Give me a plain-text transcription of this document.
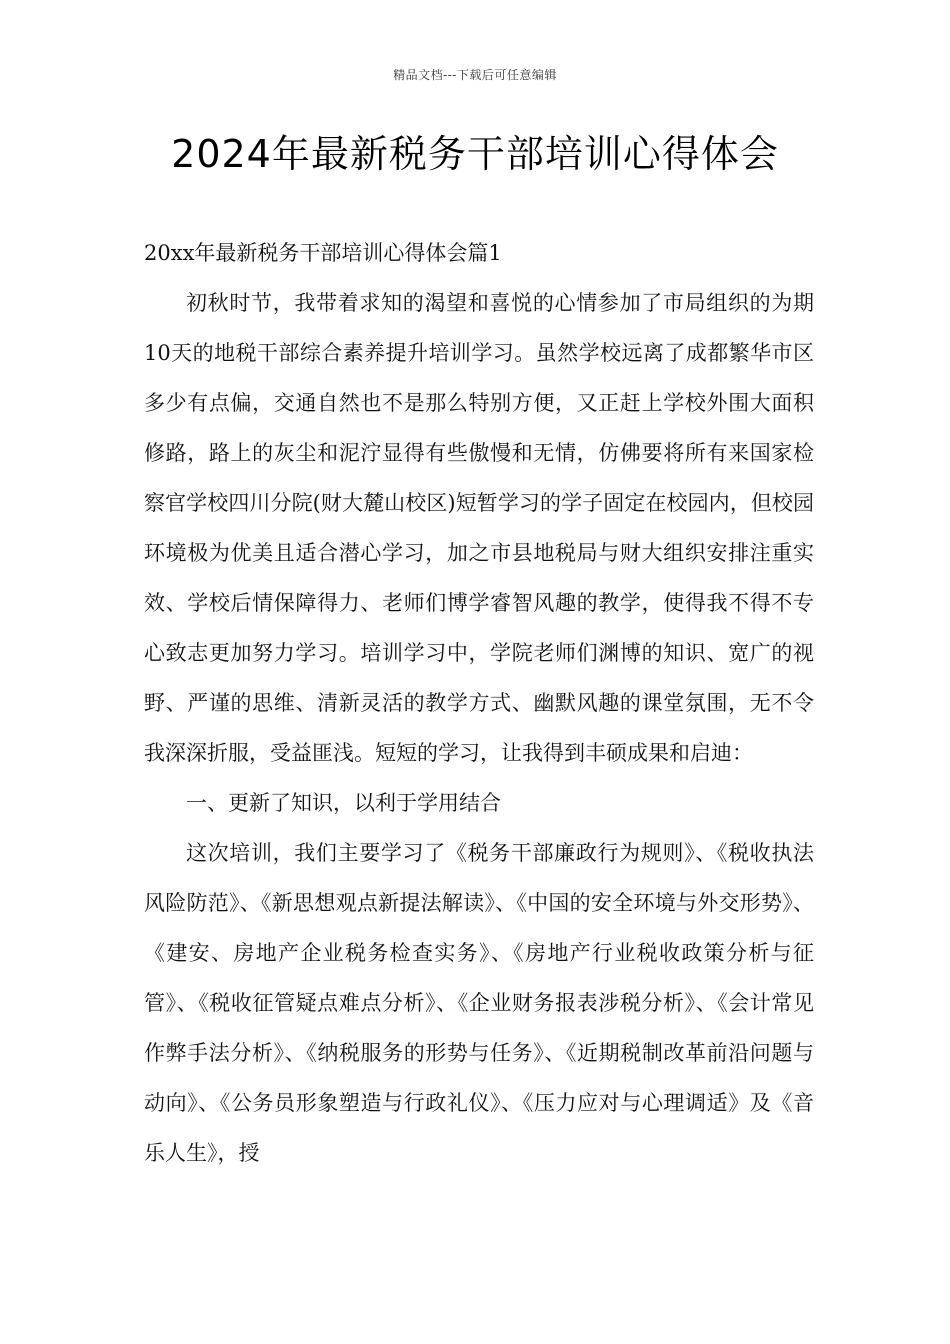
精品文档---下载后可任意编辑
2024年最新税务干部培训心得体会

20xx年最新税务干部培训心得体会篇1

初秋时节，我带着求知的渴望和喜悦的心情参加了市局组织的为期10天的地税干部综合素养提升培训学习。虽然学校远离了成都繁华市区多少有点偏，交通自然也不是那么特别方便，又正赶上学校外围大面积修路，路上的灰尘和泥泞显得有些傲慢和无情，仿佛要将所有来国家检察官学校四川分院(财大麓山校区)短暂学习的学子固定在校园内，但校园环境极为优美且适合潜心学习，加之市县地税局与财大组织安排注重实效、学校后情保障得力、老师们博学睿智风趣的教学，使得我不得不专心致志更加努力学习。培训学习中，学院老师们渊博的知识、宽广的视野、严谨的思维、清新灵活的教学方式、幽默风趣的课堂氛围，无不令我深深折服，受益匪浅。短短的学习，让我得到丰硕成果和启迪：

一、更新了知识，以利于学用结合

这次培训，我们主要学习了《税务干部廉政行为规则》、《税收执法风险防范》、《新思想观点新提法解读》、《中国的安全环境与外交形势》、《建安、房地产企业税务检查实务》、《房地产行业税收政策分析与征管》、《税收征管疑点难点分析》、《企业财务报表涉税分析》、《会计常见作弊手法分析》、《纳税服务的形势与任务》、《近期税制改革前沿问题与动向》、《公务员形象塑造与行政礼仪》、《压力应对与心理调适》及《音乐人生》，授
